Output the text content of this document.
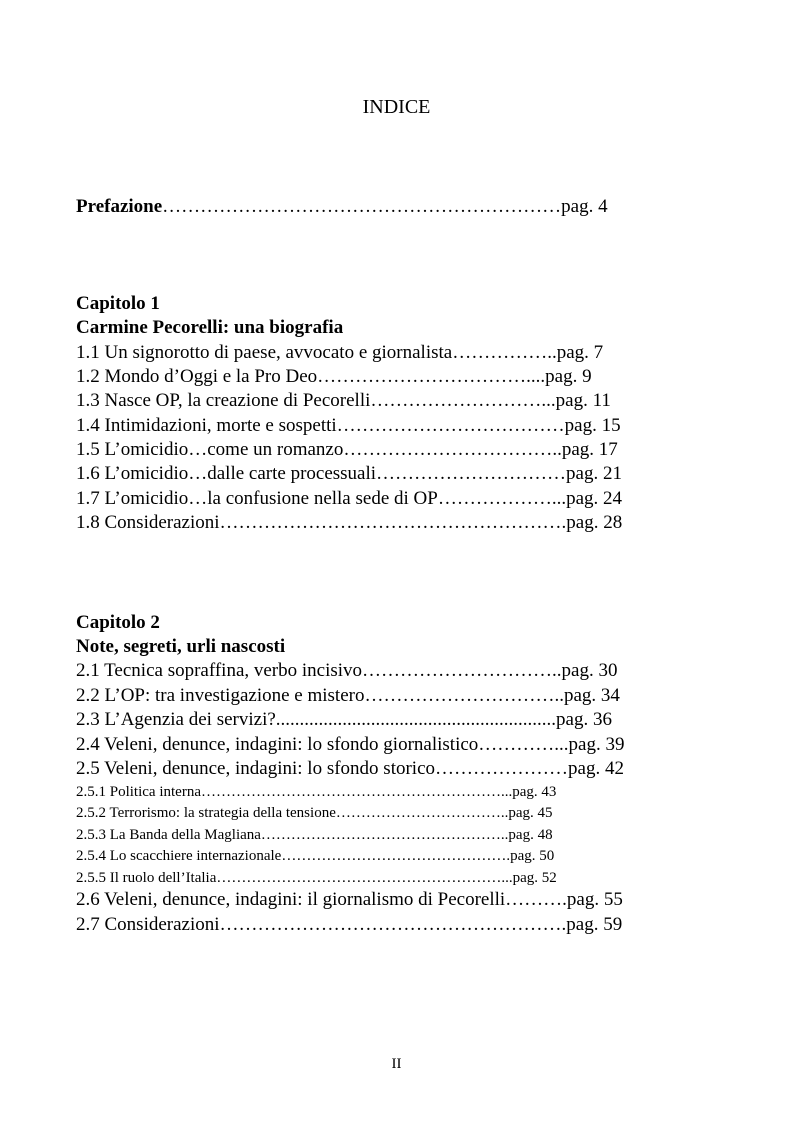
INDICE
Prefazione………………………………………………………pag. 4
Capitolo 1
Carmine Pecorelli: una biografia
1.1 Un signorotto di paese, avvocato e giornalista……………..pag. 7
1.2 Mondo d’Oggi e la Pro Deo……………………………....pag. 9
1.3 Nasce OP, la creazione di Pecorelli………………………...pag. 11
1.4 Intimidazioni, morte e sospetti………………………………pag. 15
1.5 L’omicidio…come un romanzo……………………………..pag. 17
1.6 L’omicidio…dalle carte processuali…………………………pag. 21
1.7 L’omicidio…la confusione nella sede di OP………………...pag. 24
1.8 Considerazioni……………………………………………….pag. 28
Capitolo 2
Note, segreti, urli nascosti
2.1 Tecnica sopraffina, verbo incisivo…………………………..pag. 30
2.2 L’OP: tra investigazione e mistero…………………………..pag. 34
2.3 L’Agenzia dei servizi?...........................................................pag. 36
2.4 Veleni, denunce, indagini: lo sfondo giornalistico…………...pag. 39
2.5 Veleni, denunce, indagini: lo sfondo storico…………………pag. 42
2.5.1 Politica interna……………………………………………………...pag. 43
2.5.2 Terrorismo: la strategia della tensione……………………………..pag. 45
2.5.3 La Banda della Magliana…………………………………………..pag. 48
2.5.4 Lo scacchiere internazionale……………………………………….pag. 50
2.5.5 Il ruolo dell’Italia…………………………………………………...pag. 52
2.6 Veleni, denunce, indagini: il giornalismo di Pecorelli……….pag. 55
2.7 Considerazioni……………………………………………….pag. 59
II
